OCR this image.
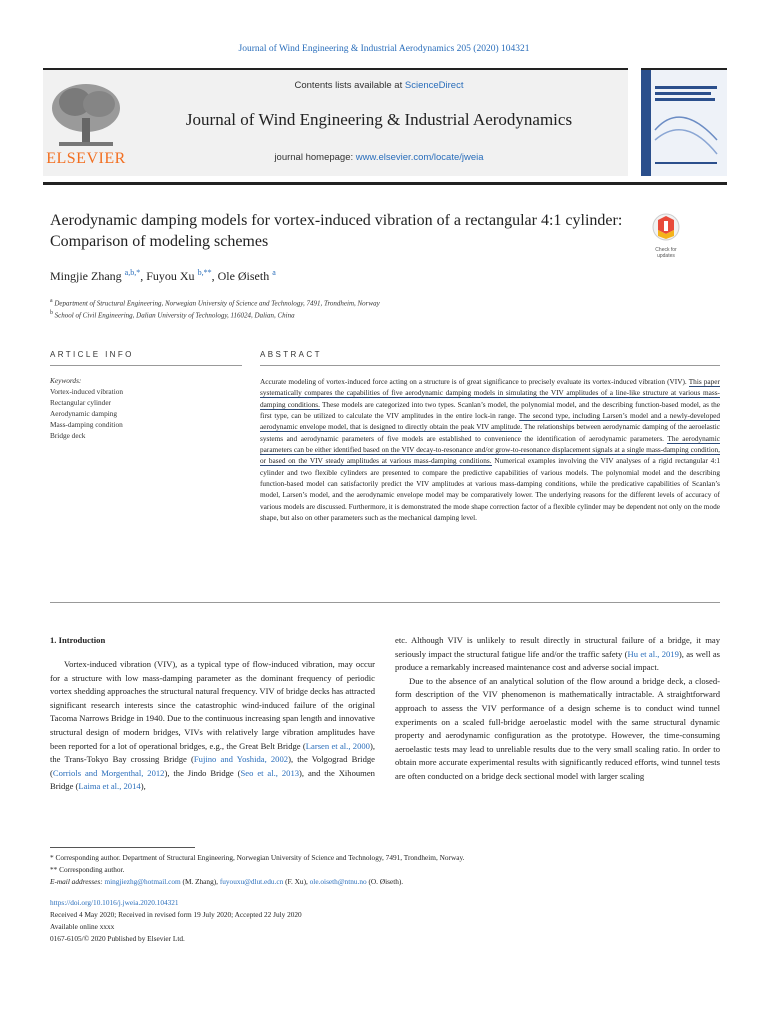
Journal of Wind Engineering & Industrial Aerodynamics 205 (2020) 104321
ELSEVIER
Contents lists available at ScienceDirect
Journal of Wind Engineering & Industrial Aerodynamics
journal homepage: www.elsevier.com/locate/jweia
Aerodynamic damping models for vortex-induced vibration of a rectangular 4:1 cylinder: Comparison of modeling schemes	Check for updates
Mingjie Zhang $^{a,b,*}$, Fuyou Xu $^{b,**}$, Ole Øiseth $^a$
$^a$ Department of Structural Engineering, Norwegian University of Science and Technology, 7491, Trondheim, Norway
$^b$ School of Civil Engineering, Dalian University of Technology, 116024, Dalian, China
ARTICLE INFO	ABSTRACT
Keywords:
Vortex-induced vibration
Rectangular cylinder
Aerodynamic damping
Mass-damping condition
Bridge deck
Accurate modeling of vortex-induced force acting on a structure is of great significance to precisely evaluate its vortex-induced vibration (VIV). This paper systematically compares the capabilities of five aerodynamic damping models in simulating the VIV amplitudes of a line-like structure at various mass-damping conditions. These models are categorized into two types. Scanlan’s model, the polynomial model, and the describing function-based model, as the first type, can be utilized to calculate the VIV amplitudes in the entire lock-in range. The second type, including Larsen’s model and a newly-developed aerodynamic envelope model, that is designed to directly obtain the peak VIV amplitude. The relationships between aerodynamic damping of the aeroelastic systems and aerodynamic parameters of five models are established to convenience the identification of aerodynamic parameters. The aerodynamic parameters can be either identified based on the VIV decay-to-resonance and/or grow-to-resonance displacement signals at a single mass-damping condition, or based on the VIV steady amplitudes at various mass-damping conditions. Numerical examples involving the VIV analyses of a rigid rectangular 4:1 cylinder and two flexible cylinders are presented to compare the predictive capabilities of various models. The polynomial model and the describing function-based model can satisfactorily predict the VIV amplitudes at various mass-damping conditions, while the predicative capabilities of Scanlan’s model, Larsen’s model, and the aerodynamic envelope model may be comparatively lower. The underlying reasons for the different levels of accuracy of various models are discussed. Furthermore, it is demonstrated the mode shape correction factor of a flexible cylinder may be dependent not only on the mode shape, but also on other parameters such as the mechanical damping level.
1. Introduction

Vortex-induced vibration (VIV), as a typical type of flow-induced vibration, may occur for a structure with low mass-damping parameter as the dominant frequency of periodic vortex shedding approaches the structural natural frequency. VIV of bridge decks has attracted significant research interests since the catastrophic wind-induced failure of the original Tacoma Narrows Bridge in 1940. Due to the continuous increasing span length and innovative structural design of modern bridges, VIVs with relatively large vibration amplitudes have been reported for a lot of operational bridges, e.g., the Great Belt Bridge (Larsen et al., 2000), the Trans-Tokyo Bay crossing Bridge (Fujino and Yoshida, 2002), the Volgograd Bridge (Corriols and Morgenthal, 2012), the Jindo Bridge (Seo et al., 2013), and the Xihoumen Bridge (Laima et al., 2014),

etc. Although VIV is unlikely to result directly in structural failure of a bridge, it may seriously impact the structural fatigue life and/or the traffic safety (Hu et al., 2019), as well as produce a remarkably increased maintenance cost and adverse social impact.

Due to the absence of an analytical solution of the flow around a bridge deck, a closed-form description of the VIV phenomenon is mathematically intractable. A straightforward approach to assess the VIV performance of a design scheme is to conduct wind tunnel experiments on a scaled full-bridge aeroelastic model with the same structural dynamic property and aerodynamic configuration as the prototype. However, the time-consuming aeroelastic tests may lead to unreliable results due to the very small scaling ratio. In order to obtain more accurate experimental results with significantly reduced efforts, wind tunnel tests are often conducted on a bridge deck sectional model with larger scaling

* Corresponding author. Department of Structural Engineering, Norwegian University of Science and Technology, 7491, Trondheim, Norway.
** Corresponding author.
E-mail addresses: mingjiezhg@hotmail.com (M. Zhang), fuyouxu@dlut.edu.cn (F. Xu), ole.oiseth@ntnu.no (O. Øiseth).
https://doi.org/10.1016/j.jweia.2020.104321
Received 4 May 2020; Received in revised form 19 July 2020; Accepted 22 July 2020
Available online xxxx
0167-6105/© 2020 Published by Elsevier Ltd.
